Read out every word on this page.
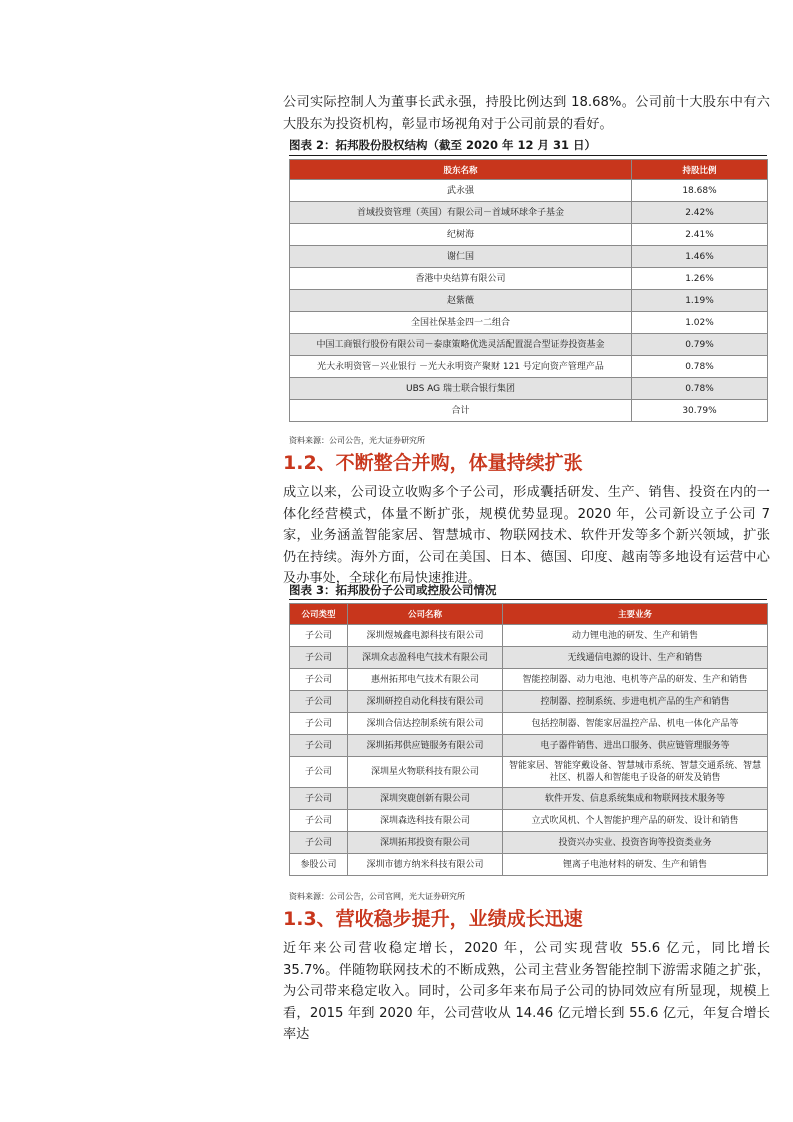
公司实际控制人为董事长武永强，持股比例达到 18.68%。公司前十大股东中有六大股东为投资机构，彰显市场视角对于公司前景的看好。

图表 2：拓邦股份股权结构（截至 2020 年 12 月 31 日）
股东名称	持股比例
武永强	18.68%
首域投资管理（英国）有限公司－首域环球伞子基金	2.42%
纪树海	2.41%
谢仁国	1.46%
香港中央结算有限公司	1.26%
赵紫薇	1.19%
全国社保基金四一二组合	1.02%
中国工商银行股份有限公司－泰康策略优选灵活配置混合型证券投资基金	0.79%
光大永明资管－兴业银行 －光大永明资产聚财 121 号定向资产管理产品	0.78%
UBS AG 瑞士联合银行集团	0.78%
合计	30.79%
资料来源：公司公告，光大证券研究所
1.2、不断整合并购，体量持续扩张

成立以来，公司设立收购多个子公司，形成囊括研发、生产、销售、投资在内的一体化经营模式，体量不断扩张，规模优势显现。2020 年，公司新设立子公司 7 家，业务涵盖智能家居、智慧城市、物联网技术、软件开发等多个新兴领域，扩张仍在持续。海外方面，公司在美国、日本、德国、印度、越南等多地设有运营中心及办事处，全球化布局快速推进。

图表 3：拓邦股份子公司或控股公司情况
公司类型	公司名称	主要业务
子公司	深圳煜城鑫电源科技有限公司	动力锂电池的研发、生产和销售
子公司	深圳众志盈科电气技术有限公司	无线通信电源的设计、生产和销售
子公司	惠州拓邦电气技术有限公司	智能控制器、动力电池、电机等产品的研发、生产和销售
子公司	深圳研控自动化科技有限公司	控制器、控制系统、步进电机产品的生产和销售
子公司	深圳合信达控制系统有限公司	包括控制器、智能家居温控产品、机电一体化产品等
子公司	深圳拓邦供应链服务有限公司	电子器件销售、进出口服务、供应链管理服务等
子公司	深圳星火物联科技有限公司	智能家居、智能穿戴设备、智慧城市系统、智慧交通系统、智慧社区、机器人和智能电子设备的研发及销售
子公司	深圳突鹿创新有限公司	软件开发、信息系统集成和物联网技术服务等
子公司	深圳森选科技有限公司	立式吹风机、个人智能护理产品的研发、设计和销售
子公司	深圳拓邦投资有限公司	投资兴办实业、投资咨询等投资类业务
参股公司	深圳市德方纳米科技有限公司	锂离子电池材料的研发、生产和销售
资料来源：公司公告，公司官网，光大证券研究所
1.3、营收稳步提升，业绩成长迅速

近年来公司营收稳定增长，2020 年，公司实现营收 55.6 亿元，同比增长 35.7%。伴随物联网技术的不断成熟，公司主营业务智能控制下游需求随之扩张，为公司带来稳定收入。同时，公司多年来布局子公司的协同效应有所显现，规模上看，2015 年到 2020 年，公司营收从 14.46 亿元增长到 55.6 亿元，年复合增长率达
